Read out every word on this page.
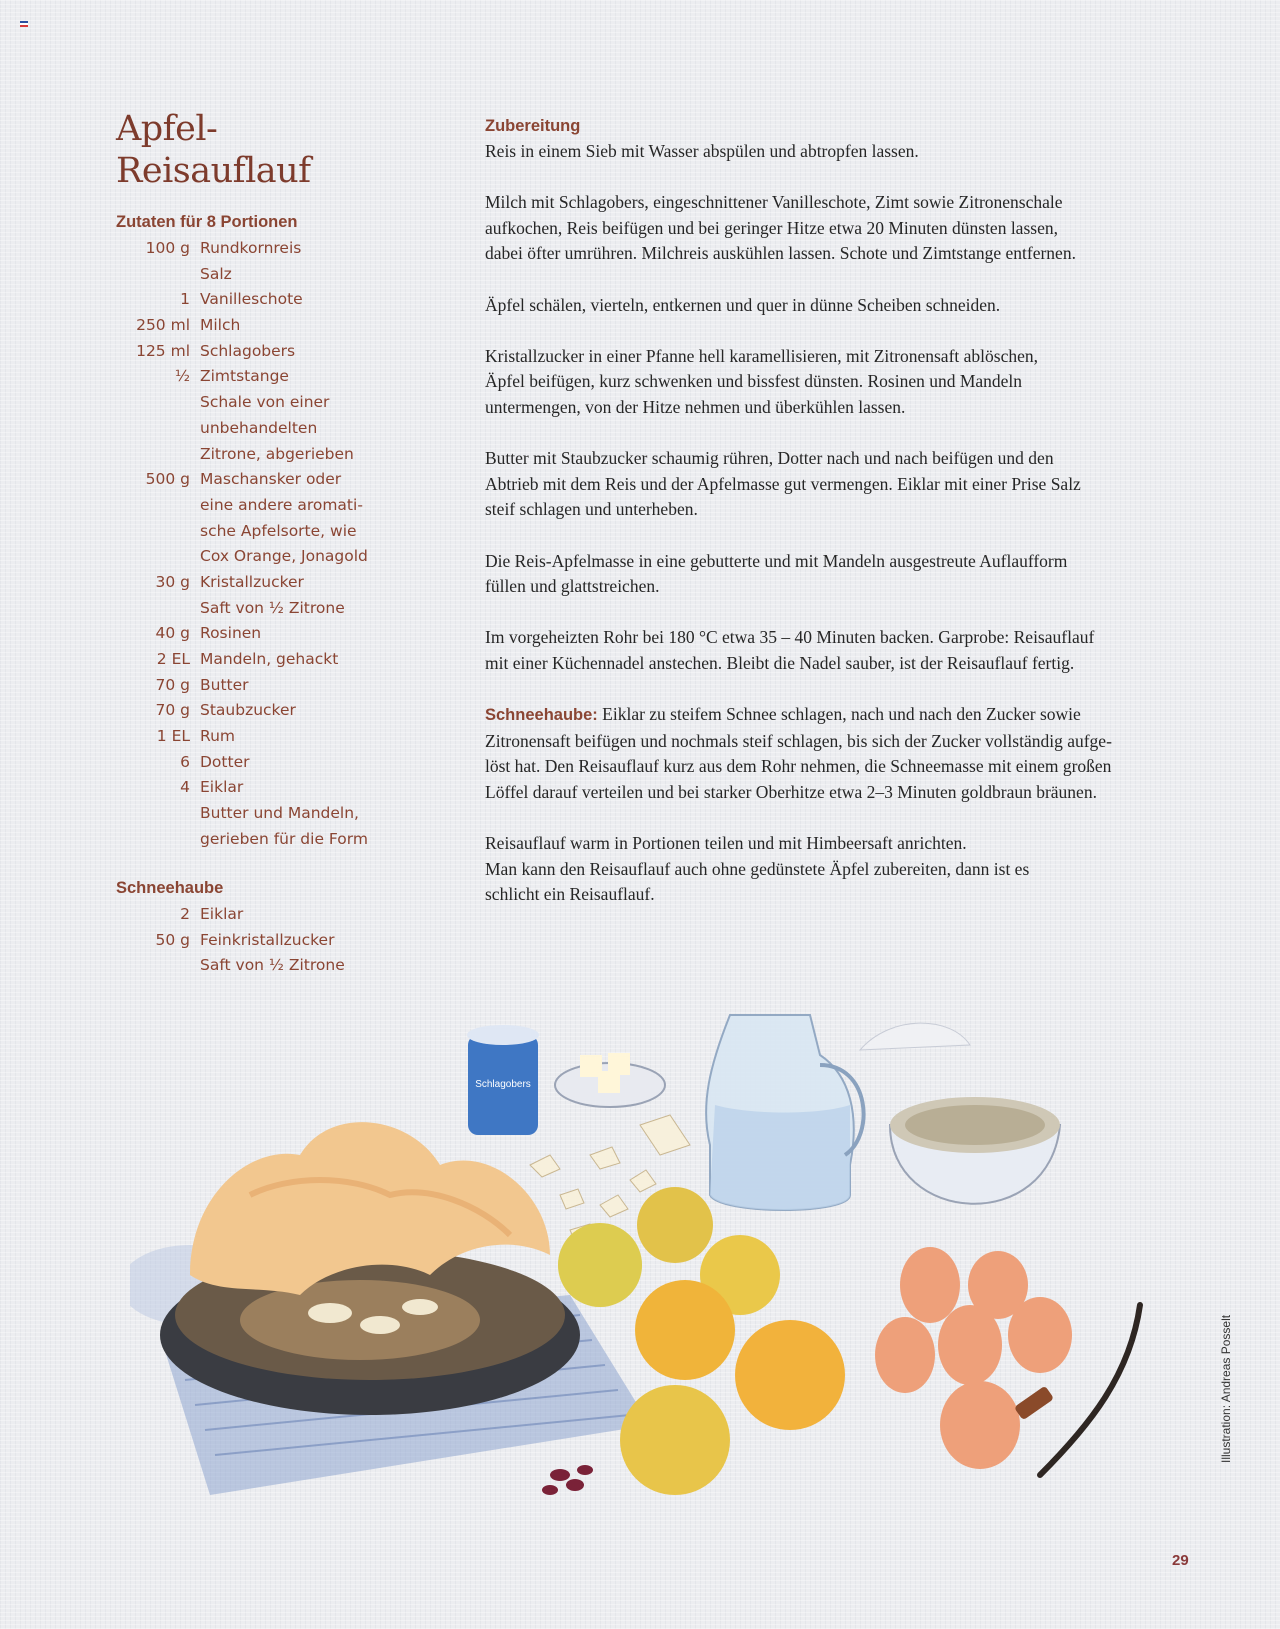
Apfel-
Reisauflauf
Zutaten für 8 Portionen
100 g Rundkornreis
Salz
1 Vanilleschote
250 ml Milch
125 ml Schlagobers
½ Zimtstange
Schale von einer
unbehandelten
Zitrone, abgerieben
500 g Maschansker oder
eine andere aromati-
sche Apfelsorte, wie
Cox Orange, Jonagold
30 g Kristallzucker
Saft von ½ Zitrone
40 g Rosinen
2 EL Mandeln, gehackt
70 g Butter
70 g Staubzucker
1 EL Rum
6 Dotter
4 Eiklar
Butter und Mandeln,
gerieben für die Form
Schneehaube
2 Eiklar
50 g Feinkristallzucker
Saft von ½ Zitrone
Zubereitung

Reis in einem Sieb mit Wasser abspülen und abtropfen lassen.

Milch mit Schlagobers, eingeschnittener Vanilleschote, Zimt sowie Zitronenschale
aufkochen, Reis beifügen und bei geringer Hitze etwa 20 Minuten dünsten lassen,
dabei öfter umrühren. Milchreis auskühlen lassen. Schote und Zimtstange entfernen.

Äpfel schälen, vierteln, entkernen und quer in dünne Scheiben schneiden.

Kristallzucker in einer Pfanne hell karamellisieren, mit Zitronensaft ablöschen,
Äpfel beifügen, kurz schwenken und bissfest dünsten. Rosinen und Mandeln
untermengen, von der Hitze nehmen und überkühlen lassen.

Butter mit Staubzucker schaumig rühren, Dotter nach und nach beifügen und den
Abtrieb mit dem Reis und der Apfelmasse gut vermengen. Eiklar mit einer Prise Salz
steif schlagen und unterheben.

Die Reis-Apfelmasse in eine gebutterte und mit Mandeln ausgestreute Auflaufform
füllen und glattstreichen.

Im vorgeheizten Rohr bei 180 °C etwa 35 – 40 Minuten backen. Garprobe: Reisauflauf
mit einer Küchennadel anstechen. Bleibt die Nadel sauber, ist der Reisauflauf fertig.

Schneehaube: Eiklar zu steifem Schnee schlagen, nach und nach den Zucker sowie
Zitronensaft beifügen und nochmals steif schlagen, bis sich der Zucker vollständig aufge-
löst hat. Den Reisauflauf kurz aus dem Rohr nehmen, die Schneemasse mit einem großen
Löffel darauf verteilen und bei starker Oberhitze etwa 2–3 Minuten goldbraun bräunen.

Reisauflauf warm in Portionen teilen und mit Himbeersaft anrichten.
Man kann den Reisauflauf auch ohne gedünstete Äpfel zubereiten, dann ist es
schlicht ein Reisauflauf.

Schlagobers
Illustration: Andreas Posselt
29
